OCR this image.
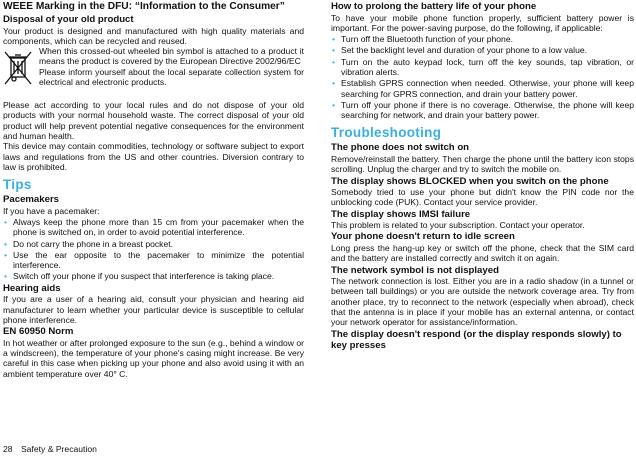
WEEE Marking in the DFU: “Information to the Consumer”
Disposal of your old product

Your product is designed and manufactured with high quality materials and components, which can be recycled and reused.

When this crossed-out wheeled bin symbol is attached to a product it means the product is covered by the European Directive 2002/96/EC

Please inform yourself about the local separate collection system for electrical and electronic products.

Please act according to your local rules and do not dispose of your old products with your normal household waste. The correct disposal of your old product will help prevent potential negative consequences for the environment and human health.

This device may contain commodities, technology or software subject to export laws and regulations from the US and other countries. Diversion contrary to law is prohibited.

Tips
Pacemakers

If you have a pacemaker:

• Always keep the phone more than 15 cm from your pacemaker when the phone is switched on, in order to avoid potential interference.
• Do not carry the phone in a breast pocket.
• Use the ear opposite to the pacemaker to minimize the potential interference.
• Switch off your phone if you suspect that interference is taking place.
Hearing aids

If you are a user of a hearing aid, consult your physician and hearing aid manufacturer to learn whether your particular device is susceptible to cellular phone interference.

EN 60950 Norm

In hot weather or after prolonged exposure to the sun (e.g., behind a window or a windscreen), the temperature of your phone's casing might increase. Be very careful in this case when picking up your phone and also avoid using it with an ambient temperature over 40° C.

How to prolong the battery life of your phone

To have your mobile phone function properly, sufficient battery power is important. For the power-saving purpose, do the following, if applicable:

• Turn off the Bluetooth function of your phone.
• Set the backlight level and duration of your phone to a low value.
• Turn on the auto keypad lock, turn off the key sounds, tap vibration, or vibration alerts.
• Establish GPRS connection when needed. Otherwise, your phone will keep searching for GPRS connection, and drain your battery power.
• Turn off your phone if there is no coverage. Otherwise, the phone will keep searching for network, and drain your battery power.
Troubleshooting
The phone does not switch on

Remove/reinstall the battery. Then charge the phone until the battery icon stops scrolling. Unplug the charger and try to switch the mobile on.

The display shows BLOCKED when you switch on the phone

Somebody tried to use your phone but didn't know the PIN code nor the unblocking code (PUK). Contact your service provider.

The display shows IMSI failure

This problem is related to your subscription. Contact your operator.

Your phone doesn't return to idle screen

Long press the hang-up key or switch off the phone, check that the SIM card and the battery are installed correctly and switch it on again.

The network symbol is not displayed

The network connection is lost. Either you are in a radio shadow (in a tunnel or between tall buildings) or you are outside the network coverage area. Try from another place, try to reconnect to the network (especially when abroad), check that the antenna is in place if your mobile has an external antenna, or contact your network operator for assistance/information.

The display doesn't respond (or the display responds slowly) to key presses
28 Safety & Precaution
